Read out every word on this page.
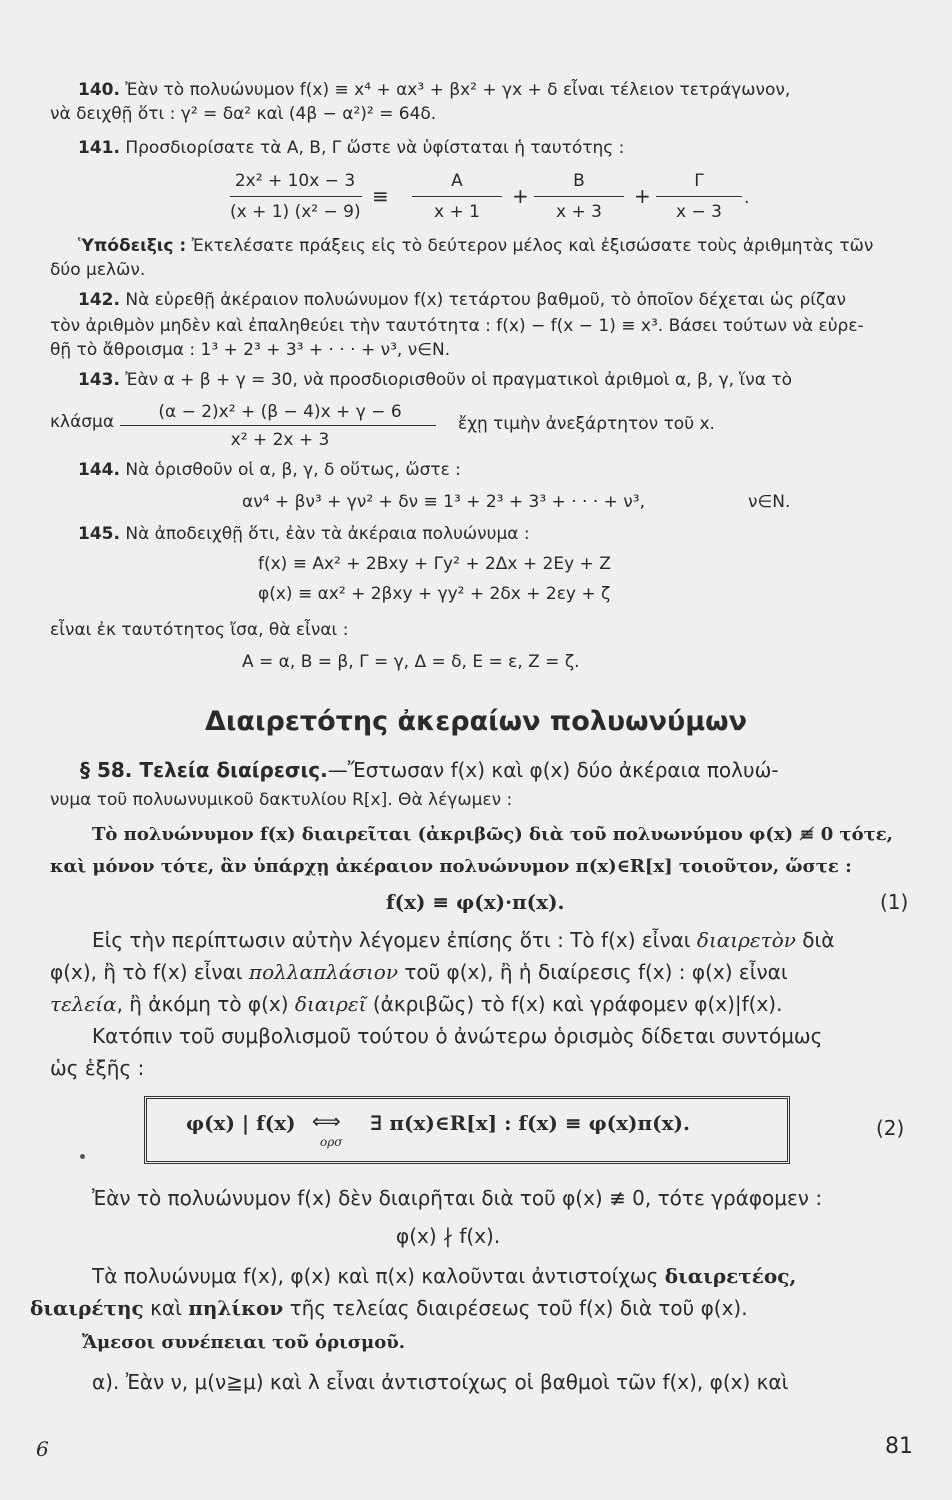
140. Ἐὰν τὸ πολυώνυμον f(x) ≡ x⁴ + αx³ + βx² + γx + δ εἶναι τέλειον τετράγωνον,
νὰ δειχθῇ ὅτι : γ² = δα² καὶ (4β − α²)² = 64δ.
141. Προσδιορίσατε τὰ Α, Β, Γ ὥστε νὰ ὑφίσταται ἡ ταυτότης :
2x² + 10x − 3
(x + 1) (x² − 9)
≡
Α
x + 1
+
Β
x + 3
+
Γ
x − 3
.
Ὑπόδειξις : Ἐκτελέσατε πράξεις εἰς τὸ δεύτερον μέλος καὶ ἐξισώσατε τοὺς ἀριθμητὰς τῶν
δύο μελῶν.
142. Νὰ εὑρεθῇ ἀκέραιον πολυώνυμον f(x) τετάρτου βαθμοῦ, τὸ ὁποῖον δέχεται ὡς ρίζαν
τὸν ἀριθμὸν μηδὲν καὶ ἐπαληθεύει τὴν ταυτότητα : f(x) − f(x − 1) ≡ x³. Βάσει τούτων νὰ εὑρε-
θῇ τὸ ἄθροισμα : 1³ + 2³ + 3³ + · · · + ν³, ν∈N.
143. Ἐὰν α + β + γ = 30, νὰ προσδιορισθοῦν οἱ πραγματικοὶ ἀριθμοὶ α, β, γ, ἵνα τὸ
κλάσμα	(α − 2)x² + (β − 4)x + γ − 6
x² + 2x + 3
ἔχῃ τιμὴν ἀνεξάρτητον τοῦ x.
144. Νὰ ὁρισθοῦν οἱ α, β, γ, δ οὕτως, ὥστε :
αν⁴ + βν³ + γν² + δν ≡ 1³ + 2³ + 3³ + · · · + ν³,	ν∈N.
145. Νὰ ἀποδειχθῇ ὅτι, ἐὰν τὰ ἀκέραια πολυώνυμα :
f(x) ≡ Αx² + 2Βxy + Γy² + 2Δx + 2Εy + Ζ
φ(x) ≡ αx² + 2βxy + γy² + 2δx + 2εy + ζ
εἶναι ἐκ ταυτότητος ἴσα, θὰ εἶναι :
Α = α, Β = β, Γ = γ, Δ = δ, Ε = ε, Ζ = ζ.
Διαιρετότης ἀκεραίων πολυωνύμων
§ 58. Τελεία διαίρεσις.—Ἔστωσαν f(x) καὶ φ(x) δύο ἀκέραια πολυώ-
νυμα τοῦ πολυωνυμικοῦ δακτυλίου R[x]. Θὰ λέγωμεν :
Τὸ πολυώνυμον f(x) διαιρεῖται (ἀκριβῶς) διὰ τοῦ πολυωνύμου φ(x) ≢ 0 τότε,
καὶ μόνον τότε, ἂν ὑπάρχῃ ἀκέραιον πολυώνυμον π(x)∈R[x] τοιοῦτον, ὥστε :
f(x) ≡ φ(x)·π(x).	(1)
Εἰς τὴν περίπτωσιν αὐτὴν λέγομεν ἐπίσης ὅτι : Τὸ f(x) εἶναι διαιρετὸν διὰ
φ(x), ἢ τὸ f(x) εἶναι πολλαπλάσιον τοῦ φ(x), ἢ ἡ διαίρεσις f(x) : φ(x) εἶναι
τελεία, ἢ ἀκόμη τὸ φ(x) διαιρεῖ (ἀκριβῶς) τὸ f(x) καὶ γράφομεν φ(x)|f(x).
Κατόπιν τοῦ συμβολισμοῦ τούτου ὁ ἀνώτερω ὁρισμὸς δίδεται συντόμως
ὡς ἑξῆς :
φ(x) | f(x) ⟺
ορσ
∃ π(x)∈R[x] : f(x) ≡ φ(x)π(x).	(2)
Ἐὰν τὸ πολυώνυμον f(x) δὲν διαιρῆται διὰ τοῦ φ(x) ≢ 0, τότε γράφομεν :
φ(x) ∤ f(x).
Τὰ πολυώνυμα f(x), φ(x) καὶ π(x) καλοῦνται ἀντιστοίχως διαιρετέος,
διαιρέτης καὶ πηλίκον τῆς τελείας διαιρέσεως τοῦ f(x) διὰ τοῦ φ(x).
Ἄμεσοι συνέπειαι τοῦ ὁρισμοῦ.
α). Ἐὰν ν, μ(ν≧μ) καὶ λ εἶναι ἀντιστοίχως οἱ βαθμοὶ τῶν f(x), φ(x) καὶ
6	81
